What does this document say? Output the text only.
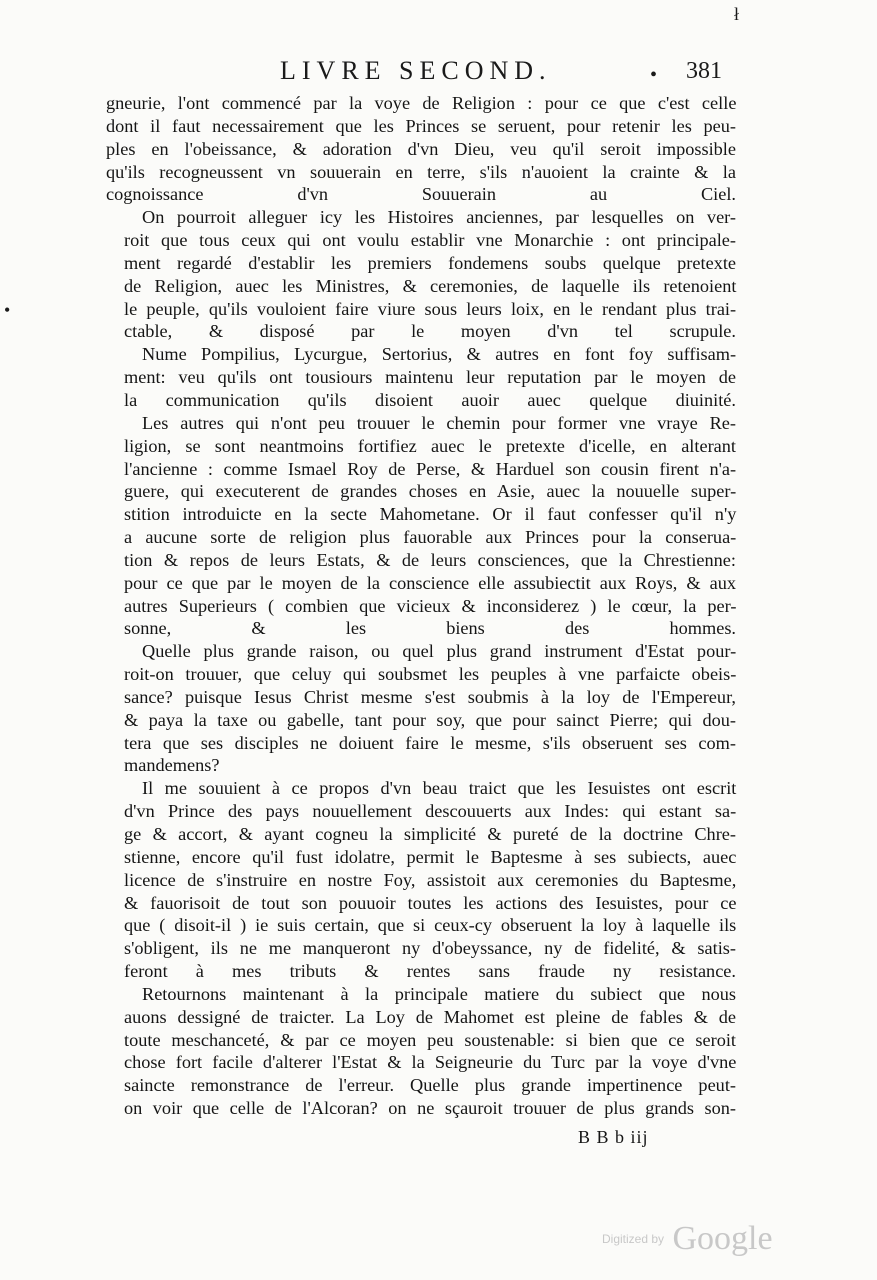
LIVRE SECOND.	• 381
ł
•

gneurie, l'ont commencé par la voye de Religion : pour ce que c'est celle
dont il faut necessairement que les Princes se seruent, pour retenir les peu-
ples en l'obeissance, & adoration d'vn Dieu, veu qu'il seroit impossible
qu'ils recogneussent vn souuerain en terre, s'ils n'auoient la crainte & la
cognoissance d'vn Souuerain au Ciel.

On pourroit alleguer icy les Histoires anciennes, par lesquelles on ver-
roit que tous ceux qui ont voulu establir vne Monarchie : ont principale-
ment regardé d'establir les premiers fondemens soubs quelque pretexte
de Religion, auec les Ministres, & ceremonies, de laquelle ils retenoient
le peuple, qu'ils vouloient faire viure sous leurs loix, en le rendant plus trai-
ctable, & disposé par le moyen d'vn tel scrupule.

Nume Pompilius, Lycurgue, Sertorius, & autres en font foy suffisam-
ment: veu qu'ils ont tousiours maintenu leur reputation par le moyen de
la communication qu'ils disoient auoir auec quelque diuinité.

Les autres qui n'ont peu trouuer le chemin pour former vne vraye Re-
ligion, se sont neantmoins fortifiez auec le pretexte d'icelle, en alterant
l'ancienne : comme Ismael Roy de Perse, & Harduel son cousin firent n'a-
guere, qui executerent de grandes choses en Asie, auec la nouuelle super-
stition introduicte en la secte Mahometane. Or il faut confesser qu'il n'y
a aucune sorte de religion plus fauorable aux Princes pour la conserua-
tion & repos de leurs Estats, & de leurs consciences, que la Chrestienne:
pour ce que par le moyen de la conscience elle assubiectit aux Roys, & aux
autres Superieurs ( combien que vicieux & inconsiderez ) le cœur, la per-
sonne, & les biens des hommes.

Quelle plus grande raison, ou quel plus grand instrument d'Estat pour-
roit-on trouuer, que celuy qui soubsmet les peuples à vne parfaicte obeis-
sance? puisque Iesus Christ mesme s'est soubmis à la loy de l'Empereur,
& paya la taxe ou gabelle, tant pour soy, que pour sainct Pierre; qui dou-
tera que ses disciples ne doiuent faire le mesme, s'ils obseruent ses com-
mandemens?

Il me souuient à ce propos d'vn beau traict que les Iesuistes ont escrit
d'vn Prince des pays nouuellement descouuerts aux Indes: qui estant sa-
ge & accort, & ayant cogneu la simplicité & pureté de la doctrine Chre-
stienne, encore qu'il fust idolatre, permit le Baptesme à ses subiects, auec
licence de s'instruire en nostre Foy, assistoit aux ceremonies du Baptesme,
& fauorisoit de tout son pouuoir toutes les actions des Iesuistes, pour ce
que ( disoit-il ) ie suis certain, que si ceux-cy obseruent la loy à laquelle ils
s'obligent, ils ne me manqueront ny d'obeyssance, ny de fidelité, & satis-
feront à mes tributs & rentes sans fraude ny resistance.

Retournons maintenant à la principale matiere du subiect que nous
auons dessigné de traicter. La Loy de Mahomet est pleine de fables & de
toute meschanceté, & par ce moyen peu soustenable: si bien que ce seroit
chose fort facile d'alterer l'Estat & la Seigneurie du Turc par la voye d'vne
saincte remonstrance de l'erreur. Quelle plus grande impertinence peut-
on voir que celle de l'Alcoran? on ne sçauroit trouuer de plus grands son-

B B b iij
Digitized by Google
